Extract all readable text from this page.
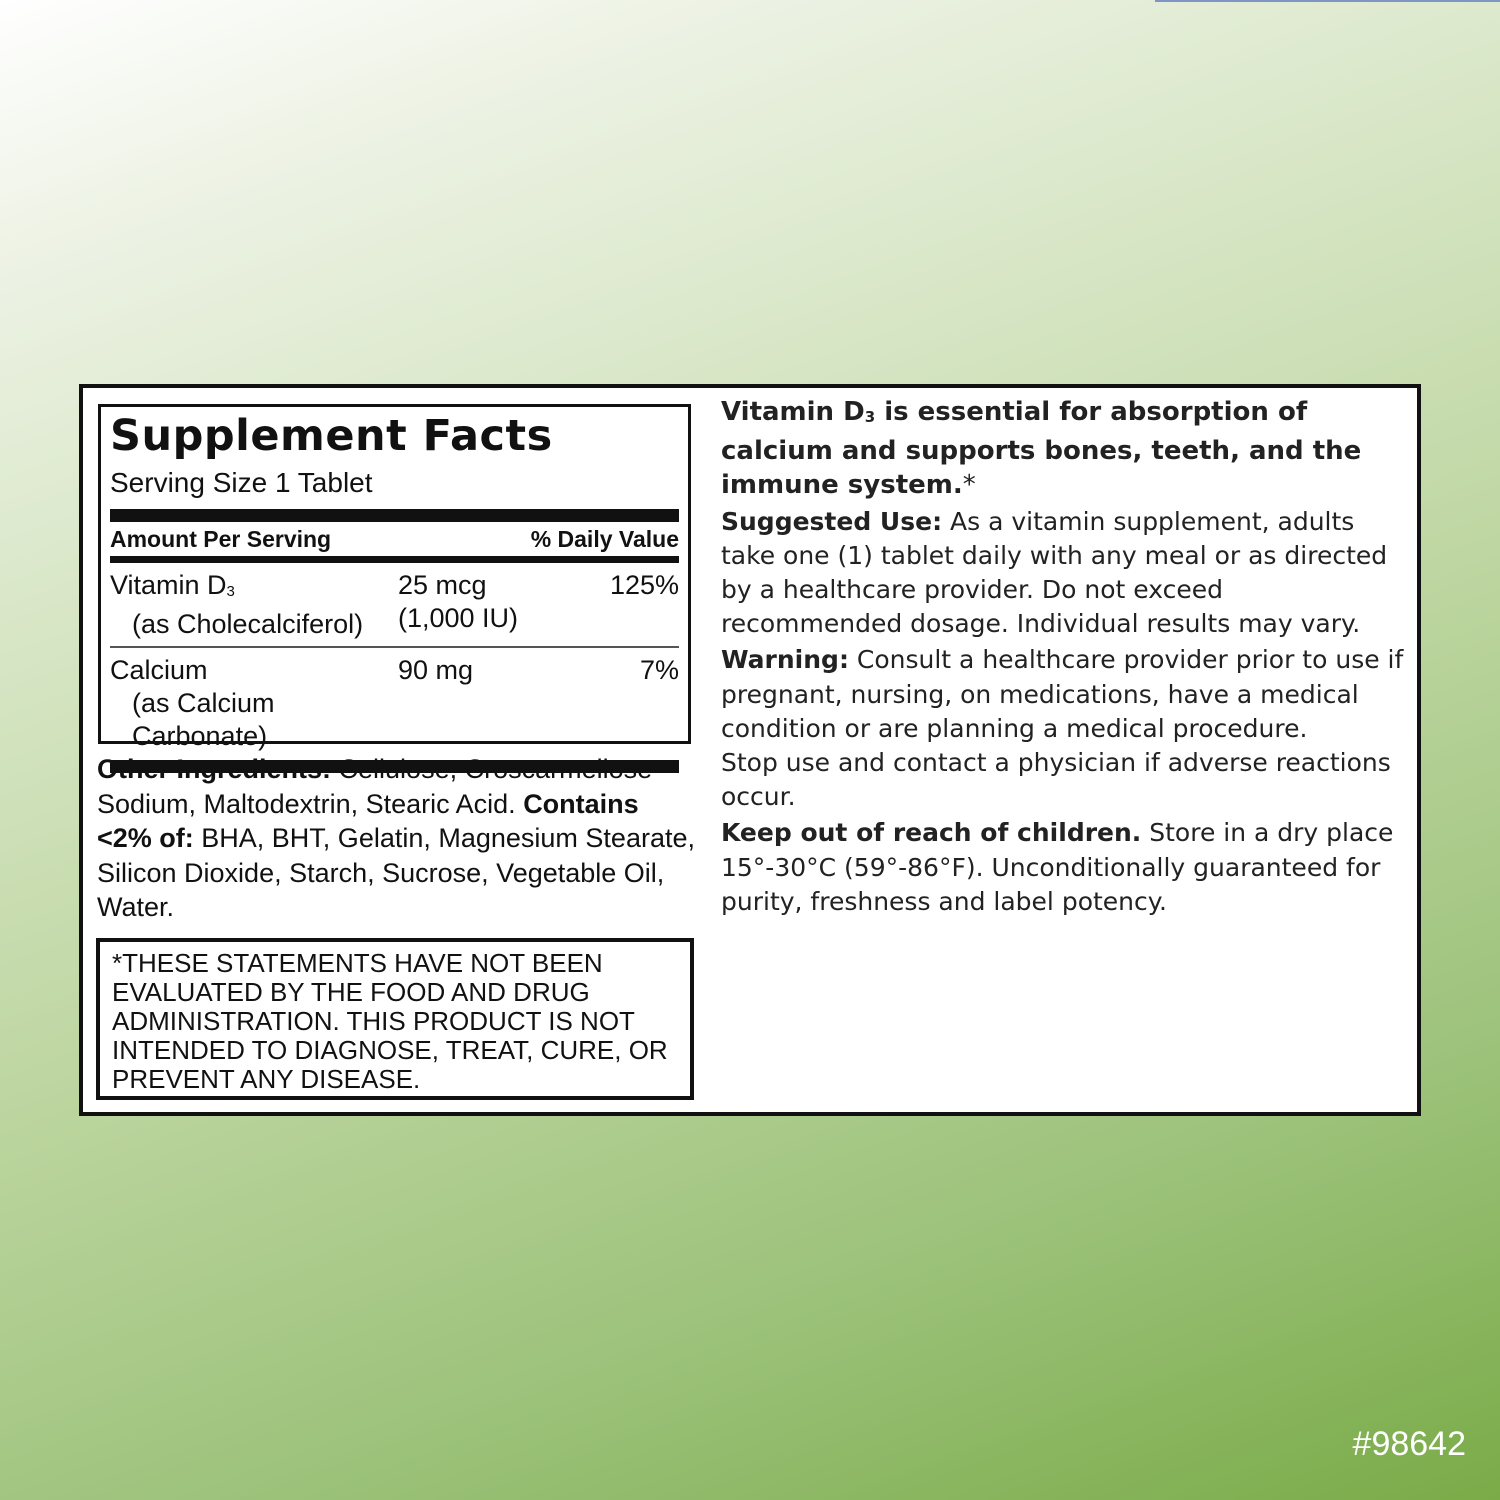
Supplement Facts
Serving Size 1 Tablet
Amount Per Serving	% Daily Value
Vitamin $D_3$
(as Cholecalciferol)
25 mcg
(1,000 IU)
125%
Calcium
(as Calcium Carbonate)
90 mg	7%
Other Ingredients: Cellulose, Croscarmellose Sodium, Maltodextrin, Stearic Acid. Contains <2% of: BHA, BHT, Gelatin, Magnesium Stearate, Silicon Dioxide, Starch, Sucrose, Vegetable Oil, Water.
*THESE STATEMENTS HAVE NOT BEEN EVALUATED BY THE FOOD AND DRUG ADMINISTRATION. THIS PRODUCT IS NOT INTENDED TO DIAGNOSE, TREAT, CURE, OR PREVENT ANY DISEASE.

Vitamin $D_3$ is essential for absorption of calcium and supports bones, teeth, and the immune system.*

Suggested Use: As a vitamin supplement, adults take one (1) tablet daily with any meal or as directed by a healthcare provider. Do not exceed recommended dosage. Individual results may vary.

Warning: Consult a healthcare provider prior to use if pregnant, nursing, on medications, have a medical condition or are planning a medical procedure.

Stop use and contact a physician if adverse reactions occur.

Keep out of reach of children. Store in a dry place 15°-30°C (59°-86°F). Unconditionally guaranteed for purity, freshness and label potency.

#98642
